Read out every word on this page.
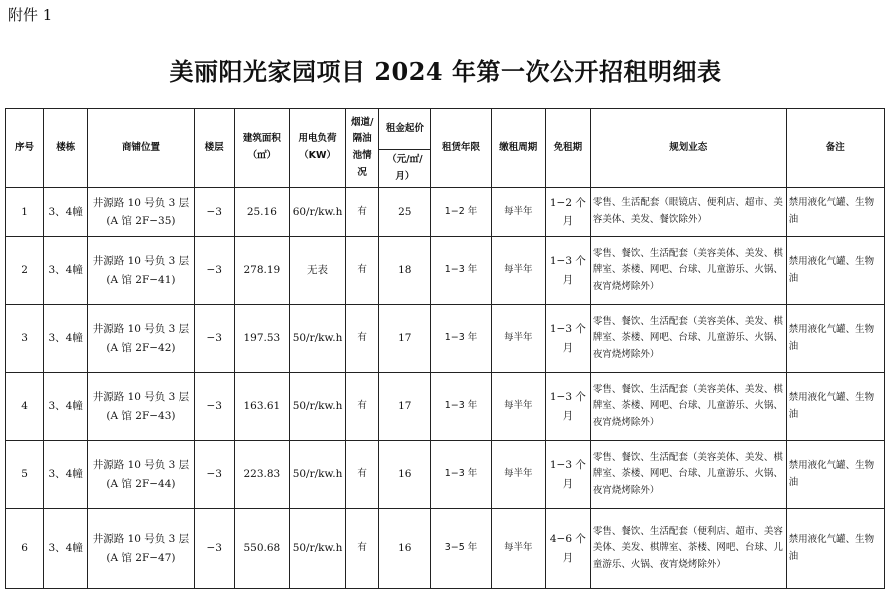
附件 1
美丽阳光家园项目 2024 年第一次公开招租明细表
序号	楼栋	商铺位置	楼层	建筑面积（㎡）	用电负荷（KW）	烟道/隔油池情况	租金起价	租赁年限	缴租周期	免租期	规划业态	备注
							（元/㎡/月）					
1	3、4幢	井源路 10 号负 3 层(A 馆 2F−35)	−3	25.16	60/r/kw.h	有	25	1−2 年	每半年	1−2 个月	零售、生活配套（眼镜店、便利店、超市、美容美体、美发、餐饮除外）	禁用液化气罐、生物油
2	3、4幢	井源路 10 号负 3 层(A 馆 2F−41)	−3	278.19	无表	有	18	1−3 年	每半年	1−3 个月	零售、餐饮、生活配套（美容美体、美发、棋牌室、茶楼、网吧、台球、儿童游乐、火锅、夜宵烧烤除外）	禁用液化气罐、生物油
3	3、4幢	井源路 10 号负 3 层(A 馆 2F−42)	−3	197.53	50/r/kw.h	有	17	1−3 年	每半年	1−3 个月	零售、餐饮、生活配套（美容美体、美发、棋牌室、茶楼、网吧、台球、儿童游乐、火锅、夜宵烧烤除外）	禁用液化气罐、生物油
4	3、4幢	井源路 10 号负 3 层(A 馆 2F−43)	−3	163.61	50/r/kw.h	有	17	1−3 年	每半年	1−3 个月	零售、餐饮、生活配套（美容美体、美发、棋牌室、茶楼、网吧、台球、儿童游乐、火锅、夜宵烧烤除外）	禁用液化气罐、生物油
5	3、4幢	井源路 10 号负 3 层(A 馆 2F−44)	−3	223.83	50/r/kw.h	有	16	1−3 年	每半年	1−3 个月	零售、餐饮、生活配套（美容美体、美发、棋牌室、茶楼、网吧、台球、儿童游乐、火锅、夜宵烧烤除外）	禁用液化气罐、生物油
6	3、4幢	井源路 10 号负 3 层(A 馆 2F−47)	−3	550.68	50/r/kw.h	有	16	3−5 年	每半年	4−6 个月	零售、餐饮、生活配套（便利店、超市、美容美体、美发、棋牌室、茶楼、网吧、台球、儿童游乐、火锅、夜宵烧烤除外）	禁用液化气罐、生物油
